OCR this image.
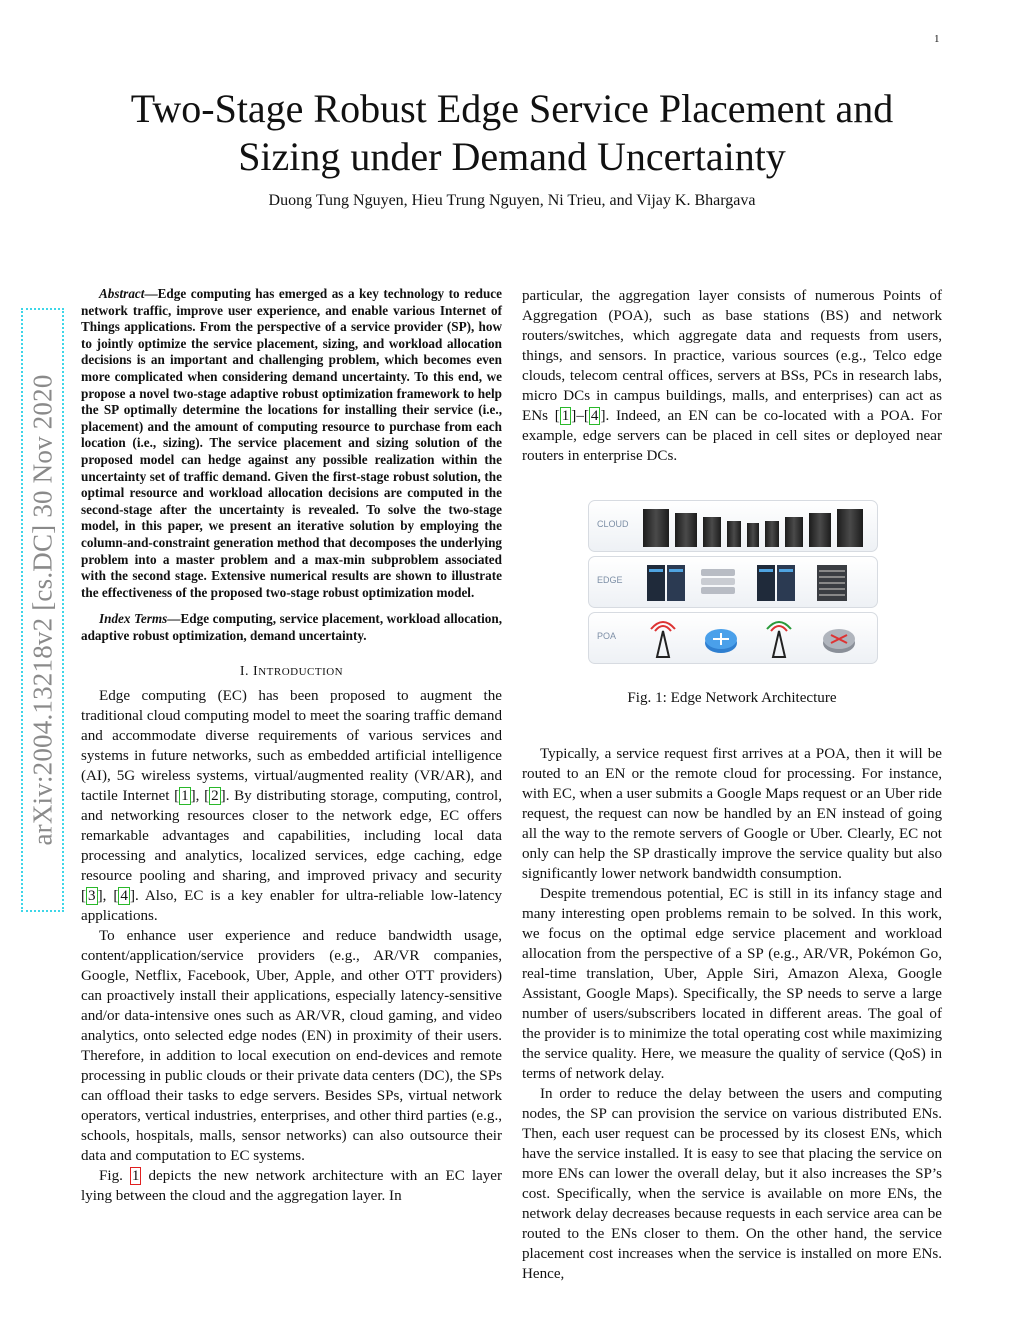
1
Two-Stage Robust Edge Service Placement and Sizing under Demand Uncertainty
Duong Tung Nguyen, Hieu Trung Nguyen, Ni Trieu, and Vijay K. Bhargava
arXiv:2004.13218v2 [cs.DC] 30 Nov 2020

Abstract—Edge computing has emerged as a key technology to reduce network traffic, improve user experience, and enable various Internet of Things applications. From the perspective of a service provider (SP), how to jointly optimize the service placement, sizing, and workload allocation decisions is an important and challenging problem, which becomes even more complicated when considering demand uncertainty. To this end, we propose a novel two-stage adaptive robust optimization framework to help the SP optimally determine the locations for installing their service (i.e., placement) and the amount of computing resource to purchase from each location (i.e., sizing). The service placement and sizing solution of the proposed model can hedge against any possible realization within the uncertainty set of traffic demand. Given the first-stage robust solution, the optimal resource and workload allocation decisions are computed in the second-stage after the uncertainty is revealed. To solve the two-stage model, in this paper, we present an iterative solution by employing the column-and-constraint generation method that decomposes the underlying problem into a master problem and a max-min subproblem associated with the second stage. Extensive numerical results are shown to illustrate the effectiveness of the proposed two-stage robust optimization model.

Index Terms—Edge computing, service placement, workload allocation, adaptive robust optimization, demand uncertainty.

I. INTRODUCTION

Edge computing (EC) has been proposed to augment the traditional cloud computing model to meet the soaring traffic demand and accommodate diverse requirements of various services and systems in future networks, such as embedded artificial intelligence (AI), 5G wireless systems, virtual/augmented reality (VR/AR), and tactile Internet [ 1 ], [ 2 ]. By distributing storage, computing, control, and networking resources closer to the network edge, EC offers remarkable advantages and capabilities, including local data processing and analytics, localized services, edge caching, edge resource pooling and sharing, and improved privacy and security [ 3 ], [ 4 ]. Also, EC is a key enabler for ultra-reliable low-latency applications.

To enhance user experience and reduce bandwidth usage, content/application/service providers (e.g., AR/VR companies, Google, Netflix, Facebook, Uber, Apple, and other OTT providers) can proactively install their applications, especially latency-sensitive and/or data-intensive ones such as AR/VR, cloud gaming, and video analytics, onto selected edge nodes (EN) in proximity of their users. Therefore, in addition to local execution on end-devices and remote processing in public clouds or their private data centers (DC), the SPs can offload their tasks to edge servers. Besides SPs, virtual network operators, vertical industries, enterprises, and other third parties (e.g., schools, hospitals, malls, sensor networks) can also outsource their data and computation to EC systems.

Fig. 1 depicts the new network architecture with an EC layer lying between the cloud and the aggregation layer. In

particular, the aggregation layer consists of numerous Points of Aggregation (POA), such as base stations (BS) and network routers/switches, which aggregate data and requests from users, things, and sensors. In practice, various sources (e.g., Telco edge clouds, telecom central offices, servers at BSs, PCs in research labs, micro DCs in campus buildings, malls, and enterprises) can act as ENs [ 1 ]–[ 4 ]. Indeed, an EN can be co-located with a POA. For example, edge servers can be placed in cell sites or deployed near routers in enterprise DCs.

CLOUD
EDGE
POA
Fig. 1: Edge Network Architecture

Typically, a service request first arrives at a POA, then it will be routed to an EN or the remote cloud for processing. For instance, with EC, when a user submits a Google Maps request or an Uber ride request, the request can now be handled by an EN instead of going all the way to the remote servers of Google or Uber. Clearly, EC not only can help the SP drastically improve the service quality but also significantly lower network bandwidth consumption.

Despite tremendous potential, EC is still in its infancy stage and many interesting open problems remain to be solved. In this work, we focus on the optimal edge service placement and workload allocation from the perspective of a SP (e.g., AR/VR, Pokémon Go, real-time translation, Uber, Apple Siri, Amazon Alexa, Google Assistant, Google Maps). Specifically, the SP needs to serve a large number of users/subscribers located in different areas. The goal of the provider is to minimize the total operating cost while maximizing the service quality. Here, we measure the quality of service (QoS) in terms of network delay.

In order to reduce the delay between the users and computing nodes, the SP can provision the service on various distributed ENs. Then, each user request can be processed by its closest ENs, which have the service installed. It is easy to see that placing the service on more ENs can lower the overall delay, but it also increases the SP’s cost. Specifically, when the service is available on more ENs, the network delay decreases because requests in each service area can be routed to the ENs closer to them. On the other hand, the service placement cost increases when the service is installed on more ENs. Hence,
